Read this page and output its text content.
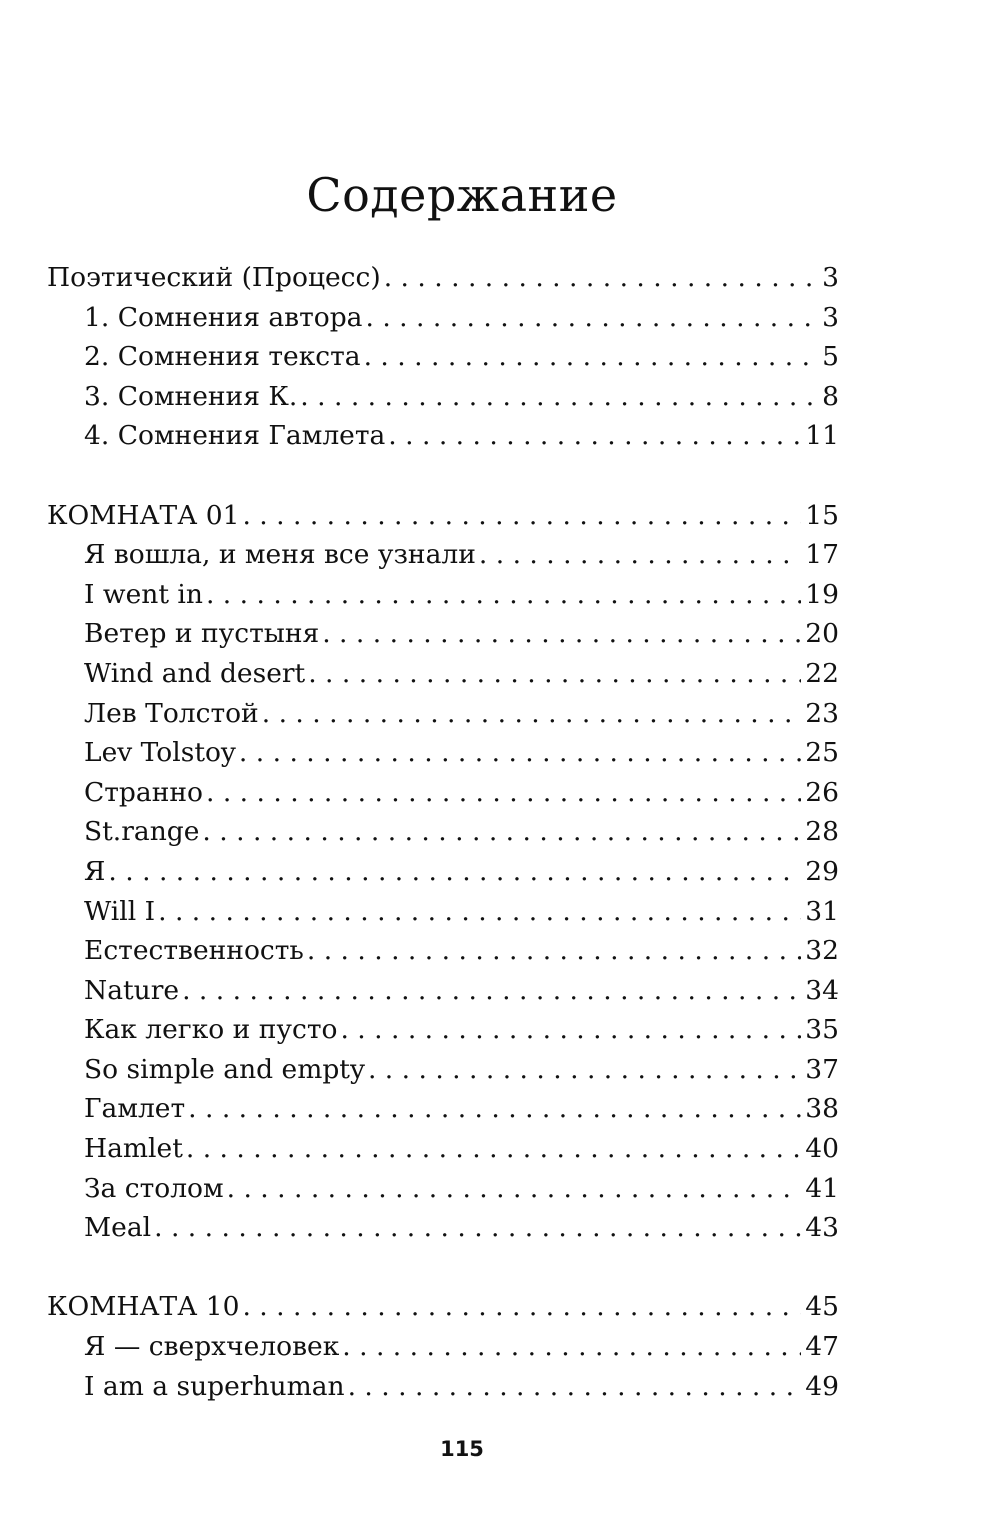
Содержание
Поэтический (Процесс) . . .	3
1. Сомнения автора . . .	3
2. Сомнения текста . . .	5
3. Сомнения К. . . .	8
4. Сомнения Гамлета . . .	11
КОМНАТА 01 . . .	15
Я вошла, и меня все узнали . . .	17
I went in . . .	19
Ветер и пустыня . . .	20
Wind and desert . . .	22
Лев Толстой . . .	23
Lev Tolstoy . . .	25
Странно . . .	26
St.range . . .	28
Я . . .	29
Will I . . .	31
Естественность . . .	32
Nature . . .	34
Как легко и пусто . . .	35
So simple and empty . . .	37
Гамлет . . .	38
Hamlet . . .	40
За столом . . .	41
Meal . . .	43
КОМНАТА 10 . . .	45
Я — сверхчеловек . . .	47
I am a superhuman . . .	49
115
